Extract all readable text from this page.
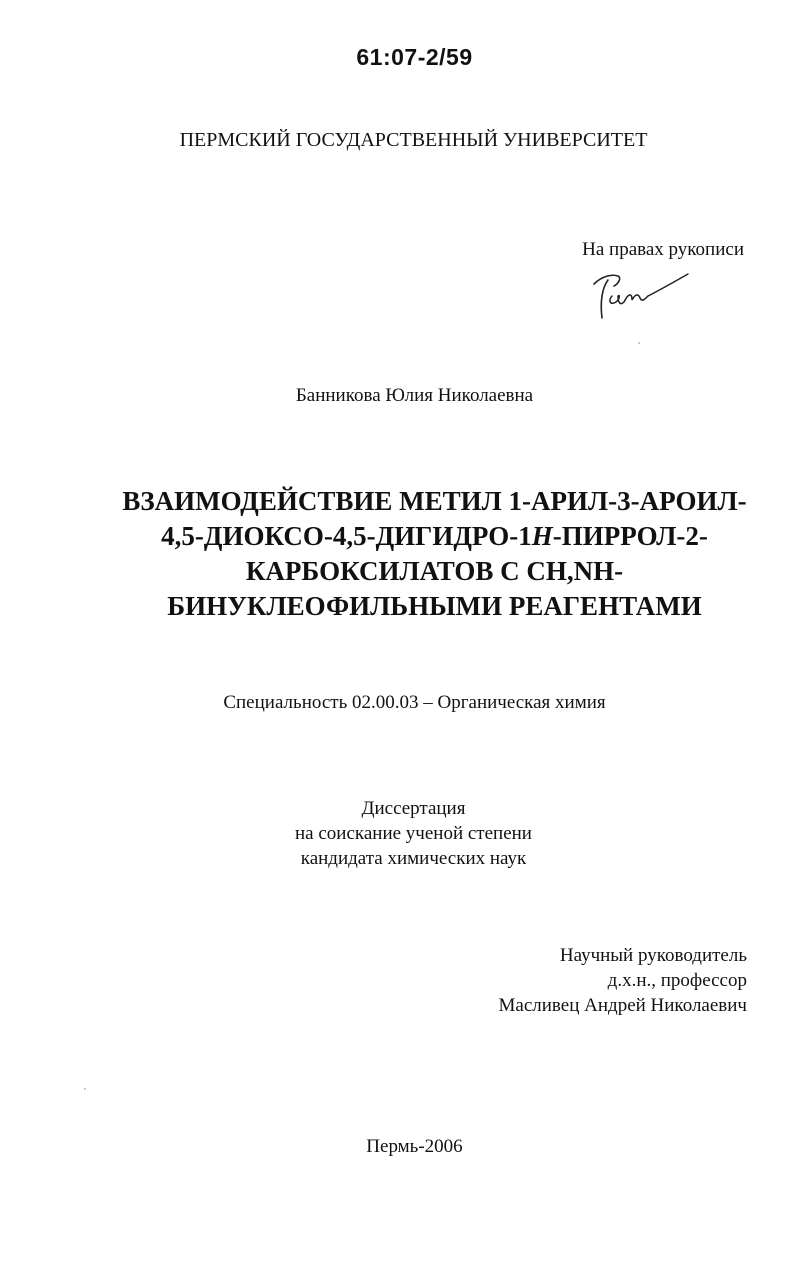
61:07-2/59
ПЕРМСКИЙ ГОСУДАРСТВЕННЫЙ УНИВЕРСИТЕТ
На правах рукописи
Банникова Юлия Николаевна
ВЗАИМОДЕЙСТВИЕ МЕТИЛ 1-АРИЛ-3-АРОИЛ-
4,5-ДИОКСО-4,5-ДИГИДРО-1Н-ПИРРОЛ-2-
КАРБОКСИЛАТОВ С CH,NH-
БИНУКЛЕОФИЛЬНЫМИ РЕАГЕНТАМИ
Специальность 02.00.03 – Органическая химия
Диссертация
на соискание ученой степени
кандидата химических наук
Научный руководитель
д.х.н., профессор
Масливец Андрей Николаевич
Пермь-2006
